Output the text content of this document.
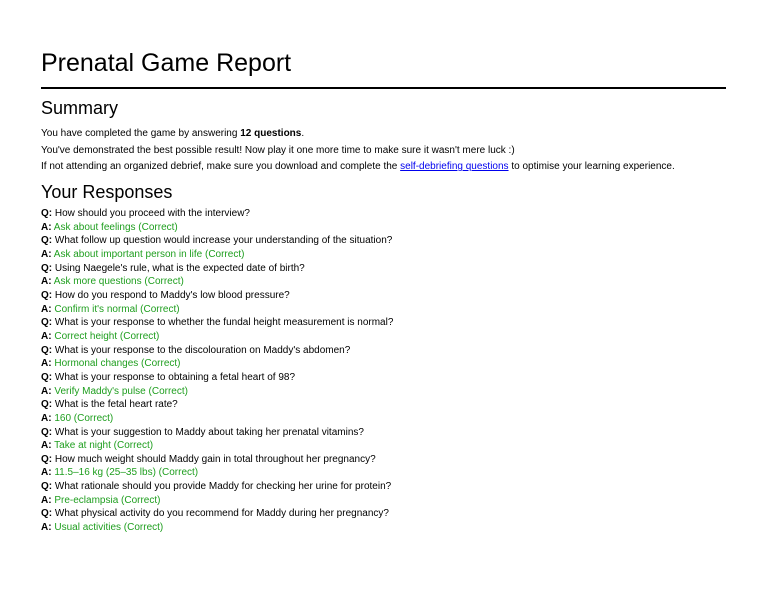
Prenatal Game Report
Summary
You have completed the game by answering 12 questions.
You've demonstrated the best possible result! Now play it one more time to make sure it wasn't mere luck :)
If not attending an organized debrief, make sure you download and complete the self-debriefing questions to optimise your learning experience.
Your Responses
Q: How should you proceed with the interview?
A: Ask about feelings (Correct)
Q: What follow up question would increase your understanding of the situation?
A: Ask about important person in life (Correct)
Q: Using Naegele's rule, what is the expected date of birth?
A: Ask more questions (Correct)
Q: How do you respond to Maddy's low blood pressure?
A: Confirm it's normal (Correct)
Q: What is your response to whether the fundal height measurement is normal?
A: Correct height (Correct)
Q: What is your response to the discolouration on Maddy's abdomen?
A: Hormonal changes (Correct)
Q: What is your response to obtaining a fetal heart of 98?
A: Verify Maddy's pulse (Correct)
Q: What is the fetal heart rate?
A: 160 (Correct)
Q: What is your suggestion to Maddy about taking her prenatal vitamins?
A: Take at night (Correct)
Q: How much weight should Maddy gain in total throughout her pregnancy?
A: 11.5–16 kg (25–35 lbs) (Correct)
Q: What rationale should you provide Maddy for checking her urine for protein?
A: Pre-eclampsia (Correct)
Q: What physical activity do you recommend for Maddy during her pregnancy?
A: Usual activities (Correct)
